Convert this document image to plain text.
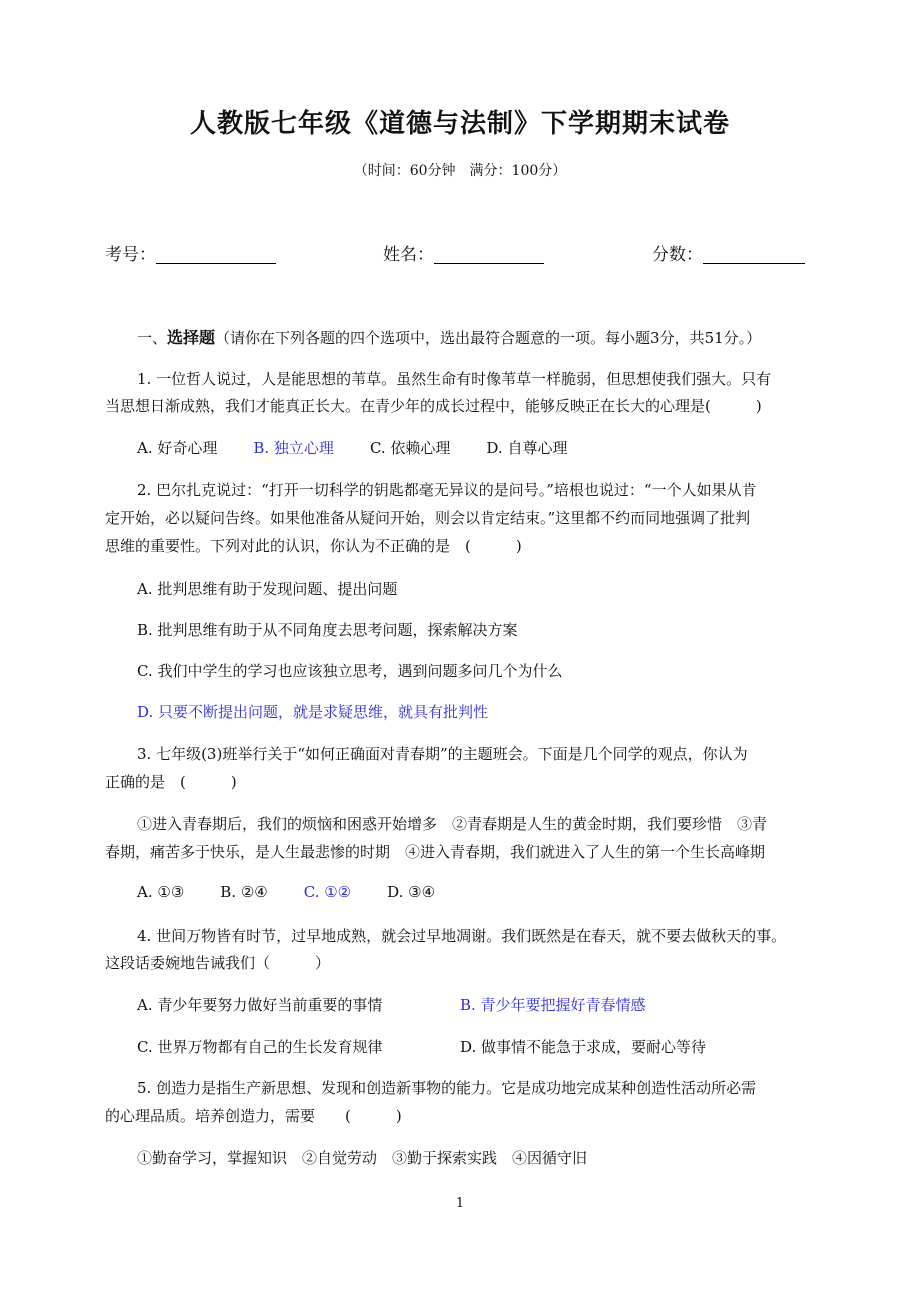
人教版七年级《道德与法制》下学期期末试卷
（时间：60分钟　满分：100分）
考号：	姓名：	分数：
一、选择题（请你在下列各题的四个选项中，选出最符合题意的一项。每小题3分，共51分。）
1. 一位哲人说过，人是能思想的苇草。虽然生命有时像苇草一样脆弱，但思想使我们强大。只有
当思想日渐成熟，我们才能真正长大。在青少年的成长过程中，能够反映正在长大的心理是(　　　)
A. 好奇心理 B. 独立心理 C. 依赖心理 D. 自尊心理
2. 巴尔扎克说过：“打开一切科学的钥匙都毫无异议的是问号。”培根也说过：“一个人如果从肯
定开始，必以疑问告终。如果他准备从疑问开始，则会以肯定结束。”这里都不约而同地强调了批判
思维的重要性。下列对此的认识，你认为不正确的是　(　　　)
A. 批判思维有助于发现问题、提出问题
B. 批判思维有助于从不同角度去思考问题，探索解决方案
C. 我们中学生的学习也应该独立思考，遇到问题多问几个为什么
D. 只要不断提出问题，就是求疑思维，就具有批判性
3. 七年级(3)班举行关于“如何正确面对青春期”的主题班会。下面是几个同学的观点，你认为
正确的是　(　　　)
①进入青春期后，我们的烦恼和困惑开始增多　②青春期是人生的黄金时期，我们要珍惜　③青
春期，痛苦多于快乐，是人生最悲惨的时期　④进入青春期，我们就进入了人生的第一个生长高峰期
A. ①③ B. ②④ C. ①② D. ③④
4. 世间万物皆有时节，过早地成熟，就会过早地凋谢。我们既然是在春天，就不要去做秋天的事。
这段话委婉地告诫我们（　　　）
A. 青少年要努力做好当前重要的事情	B. 青少年要把握好青春情感
C. 世界万物都有自己的生长发育规律	D. 做事情不能急于求成，要耐心等待
5. 创造力是指生产新思想、发现和创造新事物的能力。它是成功地完成某种创造性活动所必需
的心理品质。培养创造力，需要　　(　　　)
①勤奋学习，掌握知识　②自觉劳动　③勤于探索实践　④因循守旧
1
